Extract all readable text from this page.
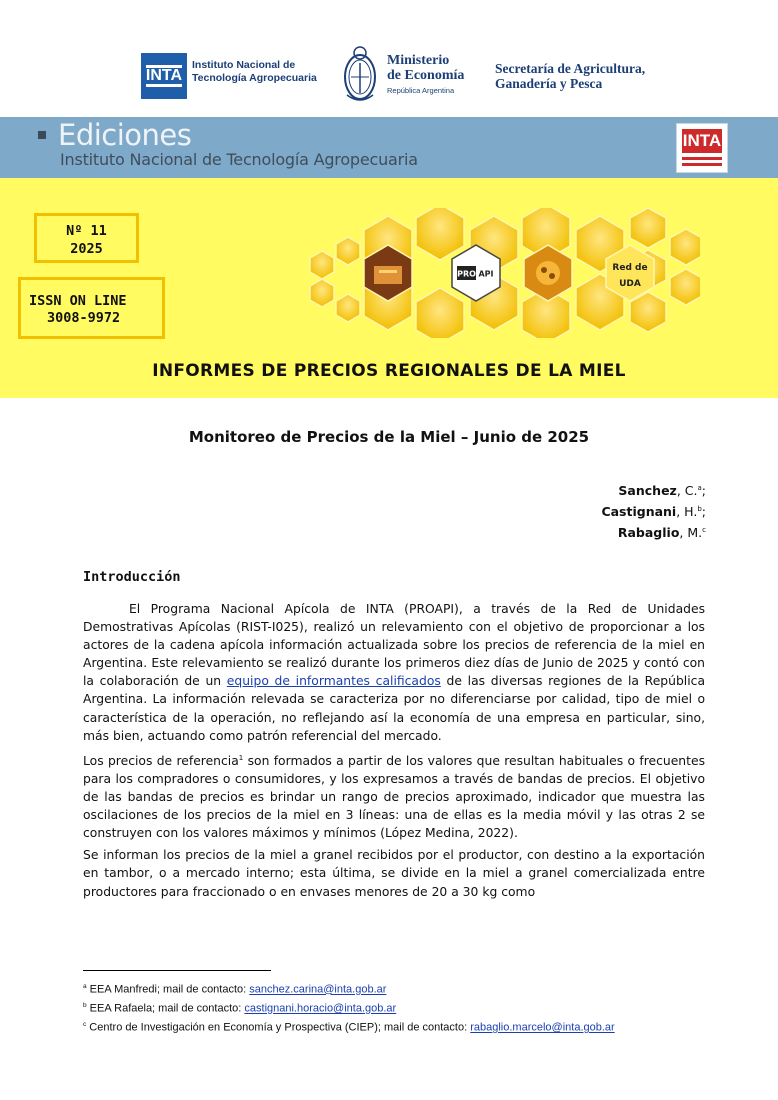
INTA
Instituto Nacional de
Tecnología Agropecuaria
Ministerio
de Economía
República Argentina
Secretaría de Agricultura,
Ganadería y Pesca
Ediciones
Instituto Nacional de Tecnología Agropecuaria
INTA
Nº 11
2025
ISSN ON LINE
3008-9972
PRO API
Red de
UDA
INFORMES DE PRECIOS REGIONALES DE LA MIEL
Monitoreo de Precios de la Miel – Junio de 2025
Sanchez, C.$^a$;
Castignani, H.$^b$;
Rabaglio, M.$^c$
Introducción

El Programa Nacional Apícola de INTA (PROAPI), a través de la Red de Unidades Demostrativas Apícolas (RIST-I025), realizó un relevamiento con el objetivo de proporcionar a los actores de la cadena apícola información actualizada sobre los precios de referencia de la miel en Argentina. Este relevamiento se realizó durante los primeros diez días de Junio de 2025 y contó con la colaboración de un equipo de informantes calificados de las diversas regiones de la República Argentina. La información relevada se caracteriza por no diferenciarse por calidad, tipo de miel o característica de la operación, no reflejando así la economía de una empresa en particular, sino, más bien, actuando como patrón referencial del mercado.

Los precios de referencia$^1$ son formados a partir de los valores que resultan habituales o frecuentes para los compradores o consumidores, y los expresamos a través de bandas de precios. El objetivo de las bandas de precios es brindar un rango de precios aproximado, indicador que muestra las oscilaciones de los precios de la miel en 3 líneas: una de ellas es la media móvil y las otras 2 se construyen con los valores máximos y mínimos (López Medina, 2022).

Se informan los precios de la miel a granel recibidos por el productor, con destino a la exportación en tambor, o a mercado interno; esta última, se divide en la miel a granel comercializada entre productores para fraccionado o en envases menores de 20 a 30 kg como

$^a$ EEA Manfredi; mail de contacto: sanchez.carina@inta.gob.ar
$^b$ EEA Rafaela; mail de contacto: castignani.horacio@inta.gob.ar
$^c$ Centro de Investigación en Economía y Prospectiva (CIEP); mail de contacto: rabaglio.marcelo@inta.gob.ar
